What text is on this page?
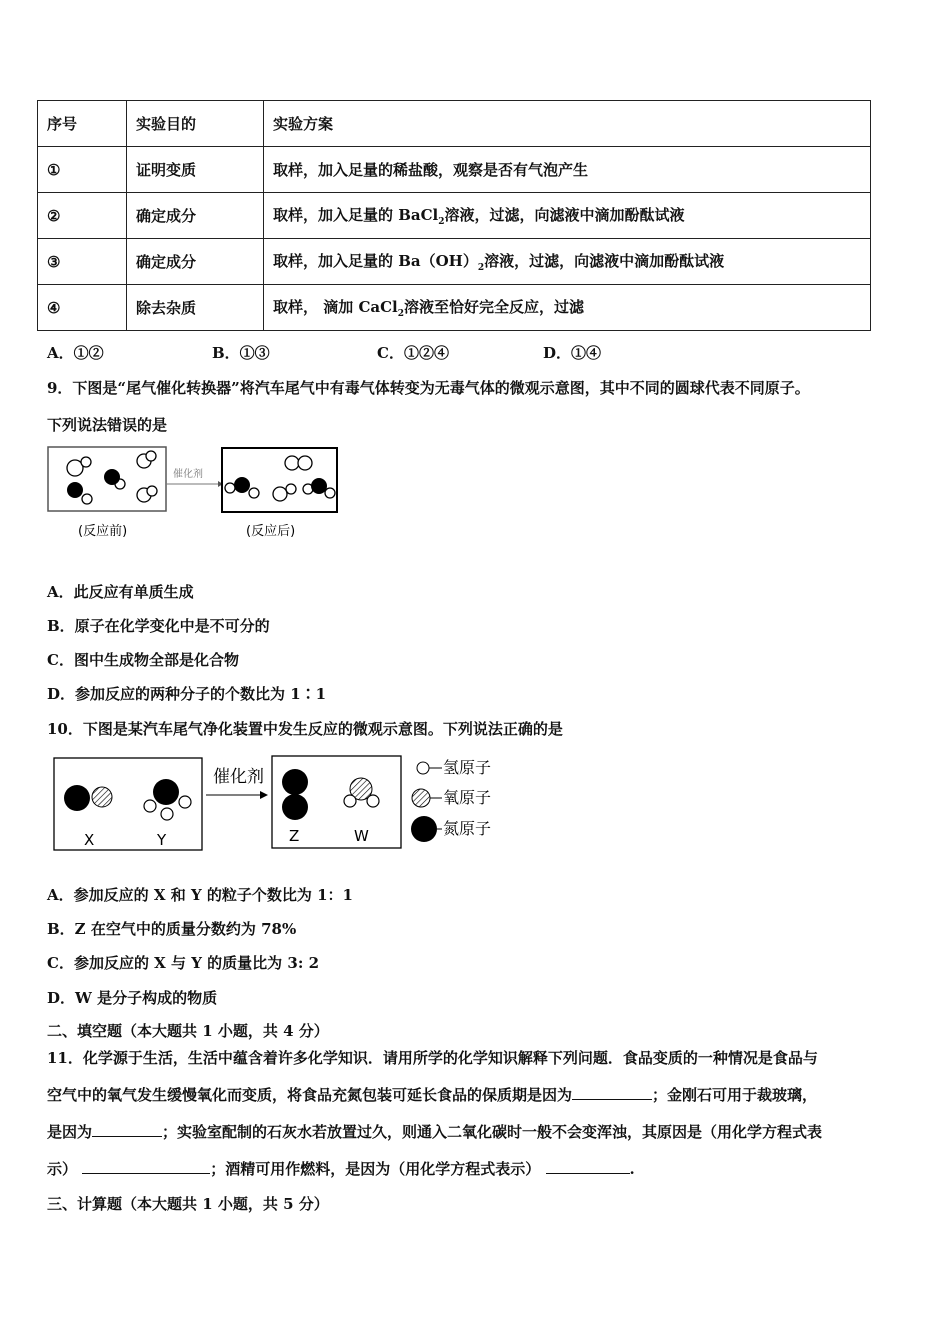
序号	实验目的	实验方案
①	证明变质	取样，加入足量的稀盐酸，观察是否有气泡产生
②	确定成分	取样，加入足量的 BaCl$_2$溶液，过滤，向滤液中滴加酚酞试液
③	确定成分	取样，加入足量的 $Ba(OH)_2$溶液，过滤，向滤液中滴加酚酞试液
④	除去杂质	取样， 滴加 CaCl$_2$溶液至恰好完全反应，过滤
A．①②	B．①③	C．①②④	D．①④
9．下图是“尾气催化转换器”将汽车尾气中有毒气体转变为无毒气体的微观示意图，其中不同的圆球代表不同原子。
下列说法错误的是
催化剂
(反应前)	(反应后)
A．此反应有单质生成
B．原子在化学变化中是不可分的
C．图中生成物全部是化合物
D．参加反应的两种分子的个数比为 1∶1
10．下图是某汽车尾气净化装置中发生反应的微观示意图。下列说法正确的是
X	Y
催化剂
Z	W
氢原子
氧原子
氮原子
A．参加反应的 X 和 Y 的粒子个数比为 1：1
B．Z 在空气中的质量分数约为 78%
C．参加反应的 X 与 Y 的质量比为 3: 2
D．W 是分子构成的物质
二、填空题（本大题共 1 小题，共 4 分）
11．化学源于生活，生活中蕴含着许多化学知识．请用所学的化学知识解释下列问题．食品变质的一种情况是食品与
空气中的氧气发生缓慢氧化而变质，将食品充氮包装可延长食品的保质期是因为	；金刚石可用于裁玻璃，
是因为	；实验室配制的石灰水若放置过久，则通入二氧化碳时一般不会变浑浊，其原因是（用化学方程式表
示）	；酒精可用作燃料，是因为（用化学方程式表示）	.
三、计算题（本大题共 1 小题，共 5 分）
